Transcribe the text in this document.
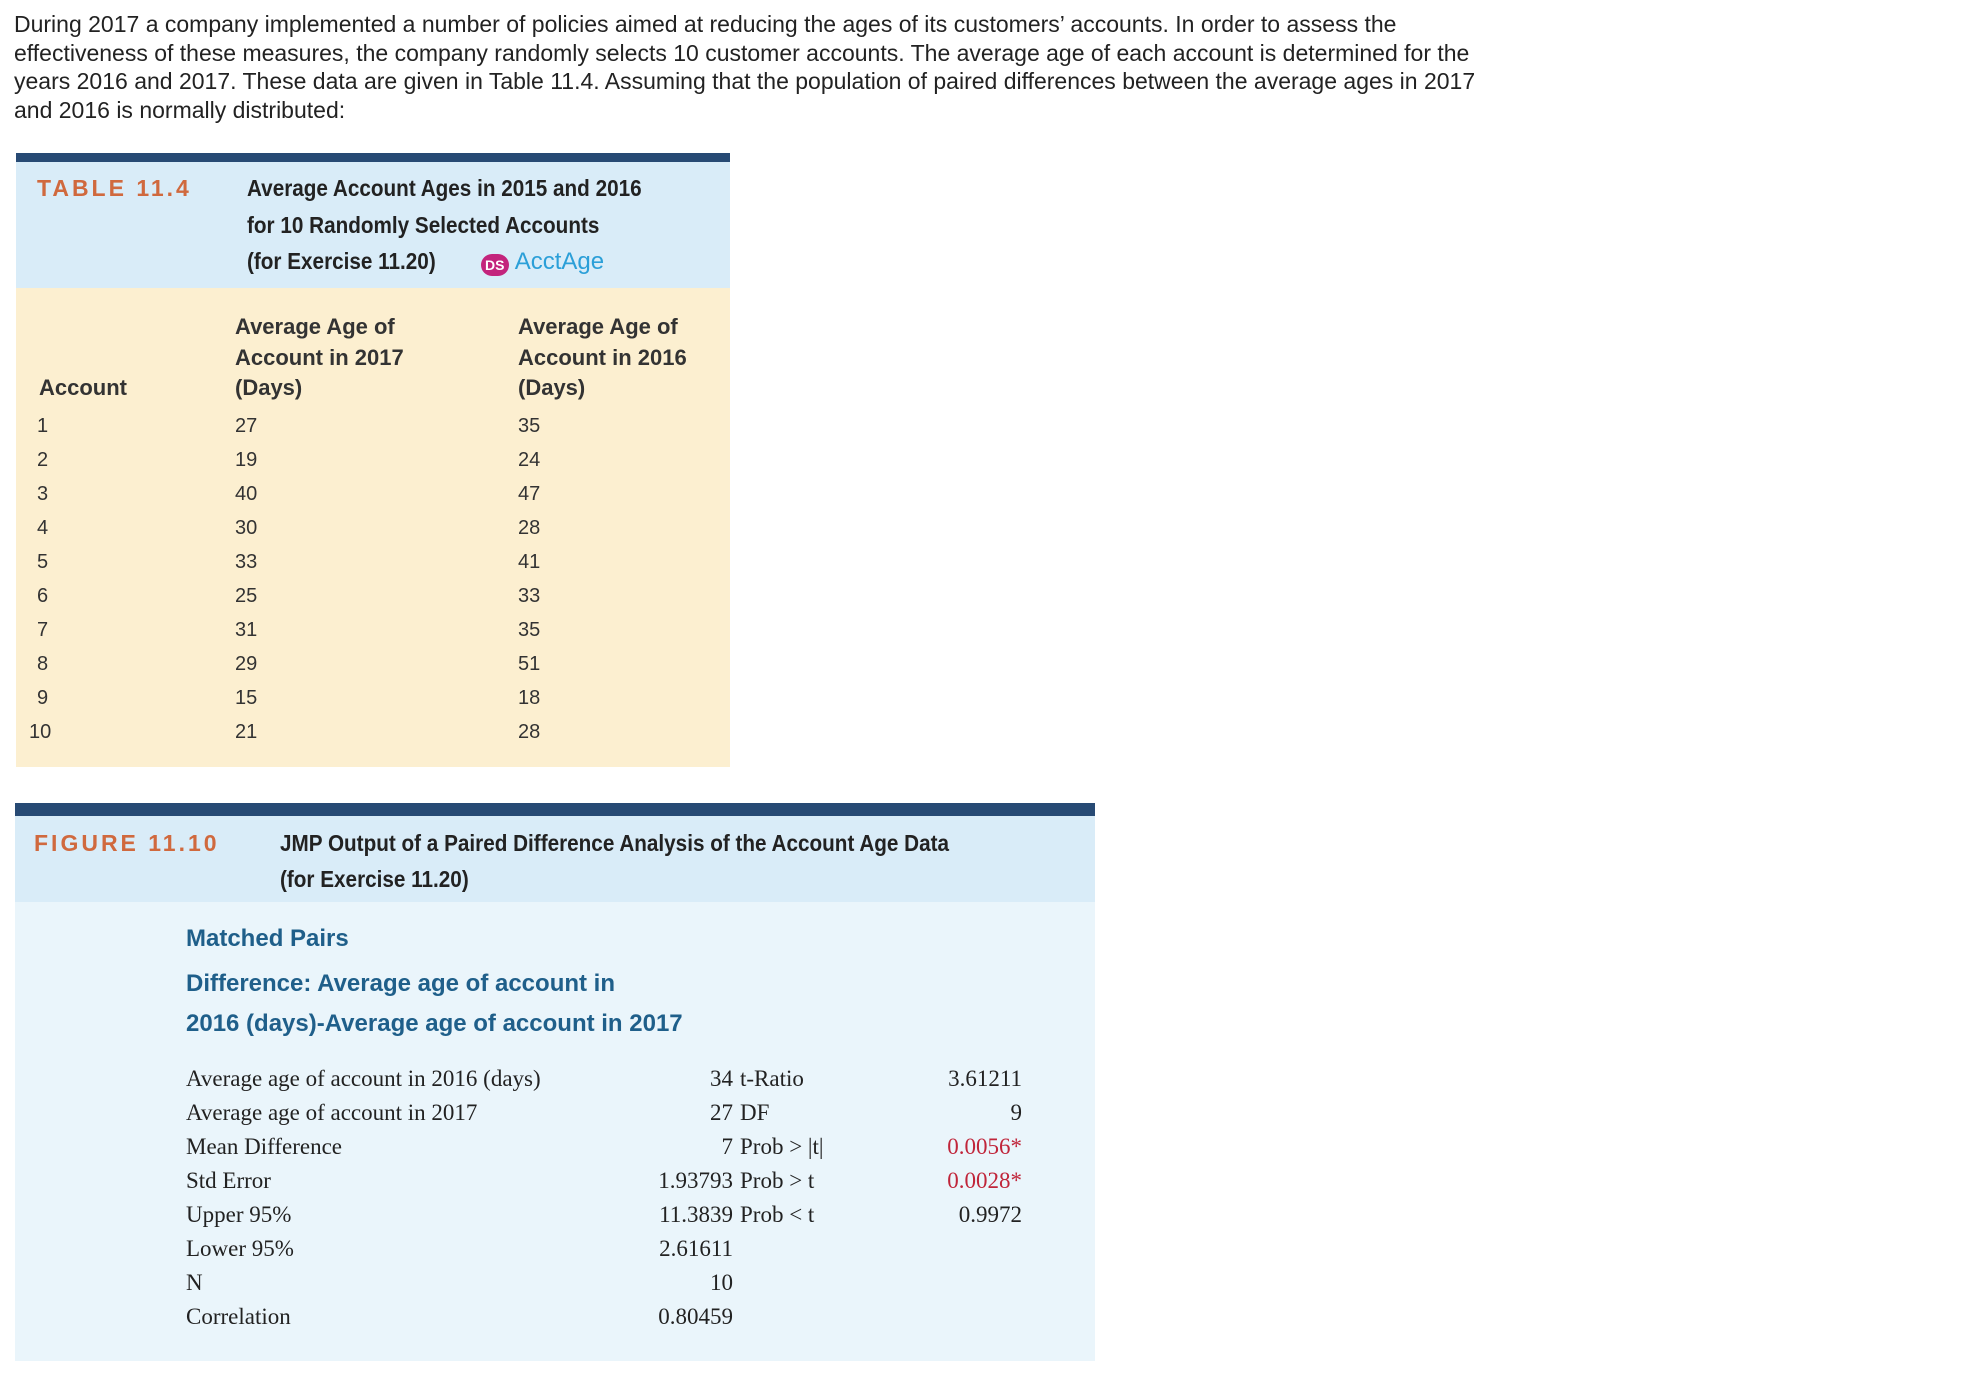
During 2017 a company implemented a number of policies aimed at reducing the ages of its customers’ accounts. In order to assess the effectiveness of these measures, the company randomly selects 10 customer accounts. The average age of each account is determined for the years 2016 and 2017. These data are given in Table 11.4. Assuming that the population of paired differences between the average ages in 2017 and 2016 is normally distributed:
TABLE 11.4 Average Account Ages in 2015 and 2016
for 10 Randomly Selected Accounts
(for Exercise 11.20)	DS AcctAge
Account
Average Age of
Account in 2017
(Days)
Average Age of
Account in 2016
(Days)
1	27	35
2	19	24
3	40	47
4	30	28
5	33	41
6	25	33
7	31	35
8	29	51
9	15	18
10	21	28
FIGURE 11.10	JMP Output of a Paired Difference Analysis of the Account Age Data
(for Exercise 11.20)
Matched Pairs
Difference: Average age of account in
2016 (days)-Average age of account in 2017
Average age of account in 2016 (days)	34 t-Ratio	3.61211
Average age of account in 2017	27 DF	9
Mean Difference	7 Prob > |t|	0.0056*
Std Error	1.93793 Prob > t	0.0028*
Upper 95%	11.3839 Prob < t	0.9972
Lower 95%	2.61611
N	10
Correlation	0.80459
